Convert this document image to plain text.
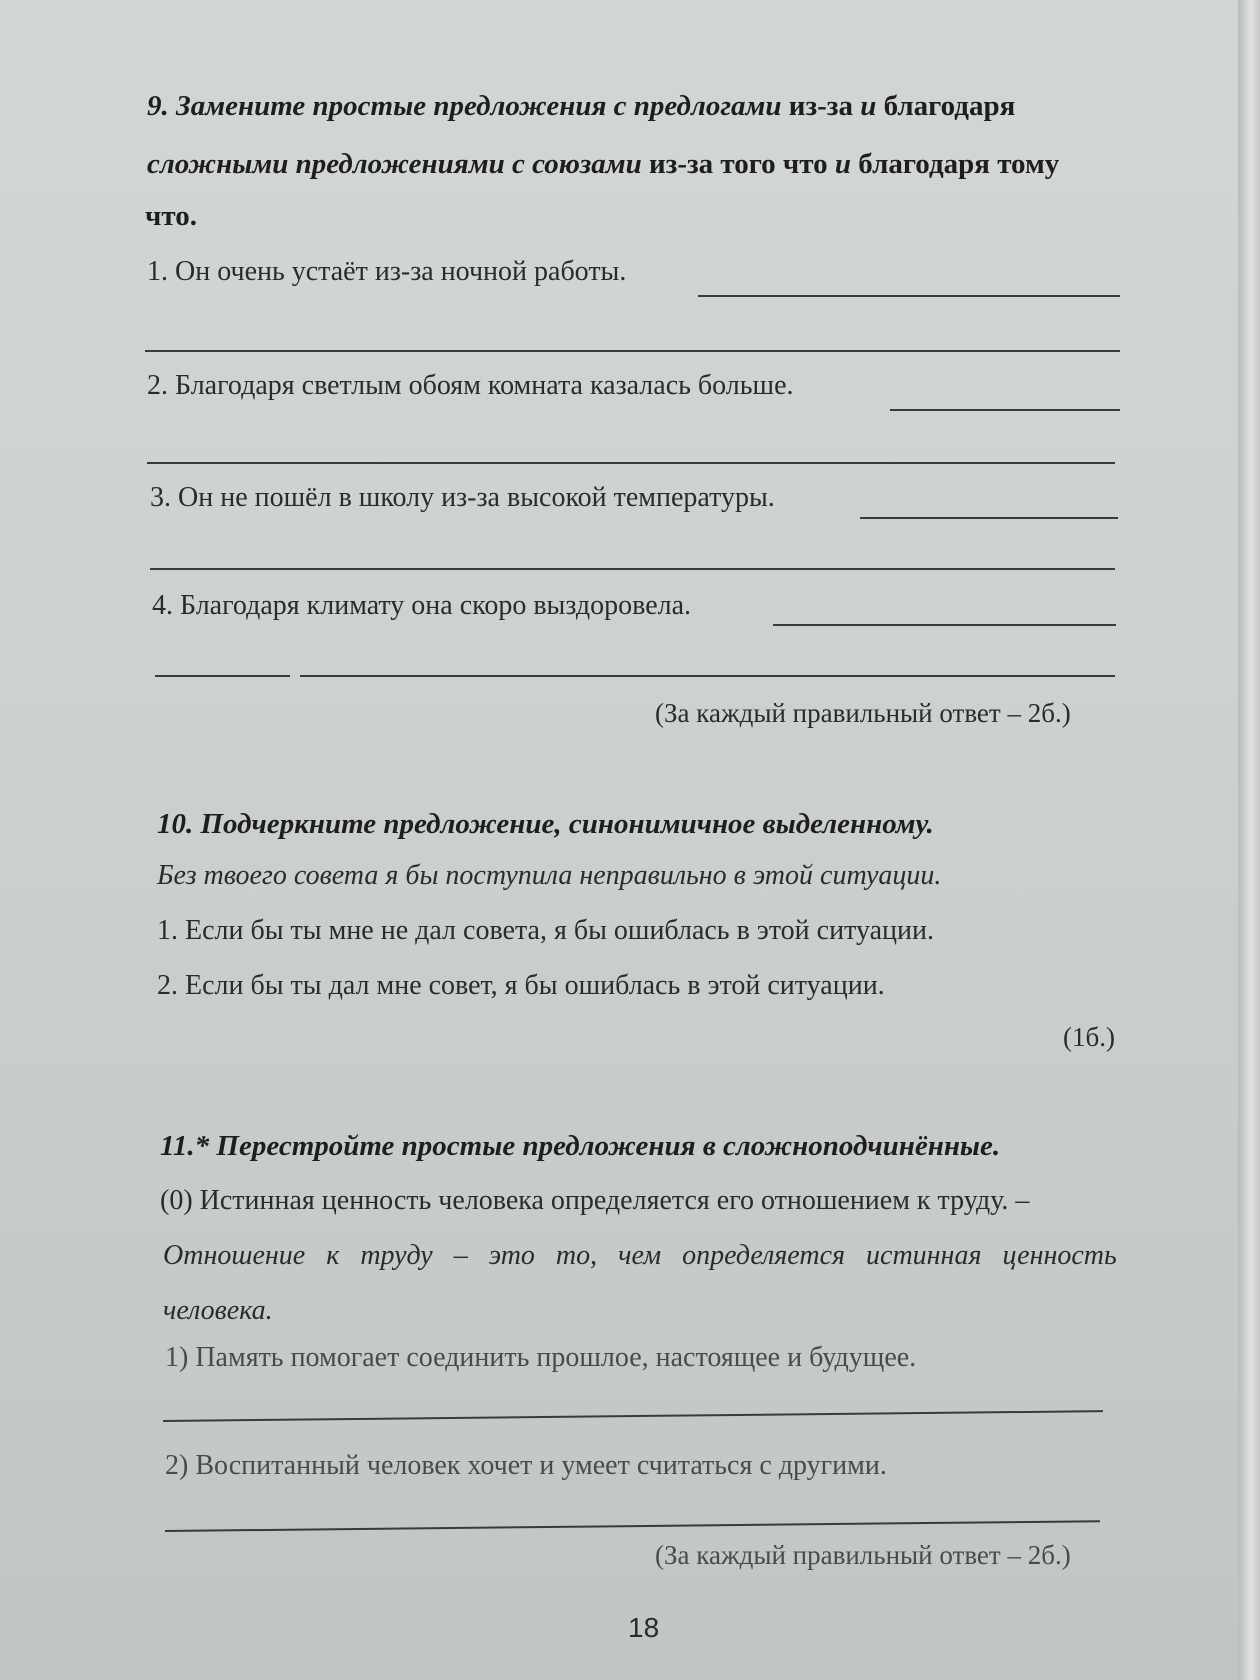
9. Замените простые предложения с предлогами из-за и благодаря
сложными предложениями с союзами из-за того что и благодаря тому
что.
1. Он очень устаёт из-за ночной работы.
2. Благодаря светлым обоям комната казалась больше.
3. Он не пошёл в школу из-за высокой температуры.
4. Благодаря климату она скоро выздоровела.
(За каждый правильный ответ – 2б.)
10. Подчеркните предложение, синонимичное выделенному.
Без твоего совета я бы поступила неправильно в этой ситуации.
1. Если бы ты мне не дал совета, я бы ошиблась в этой ситуации.
2. Если бы ты дал мне совет, я бы ошиблась в этой ситуации.
(1б.)
11.* Перестройте простые предложения в сложноподчинённые.
(0) Истинная ценность человека определяется его отношением к труду. –
Отношение к труду – это то, чем определяется истинная ценность
человека.
1) Память помогает соединить прошлое, настоящее и будущее.
2) Воспитанный человек хочет и умеет считаться с другими.
(За каждый правильный ответ – 2б.)
18
